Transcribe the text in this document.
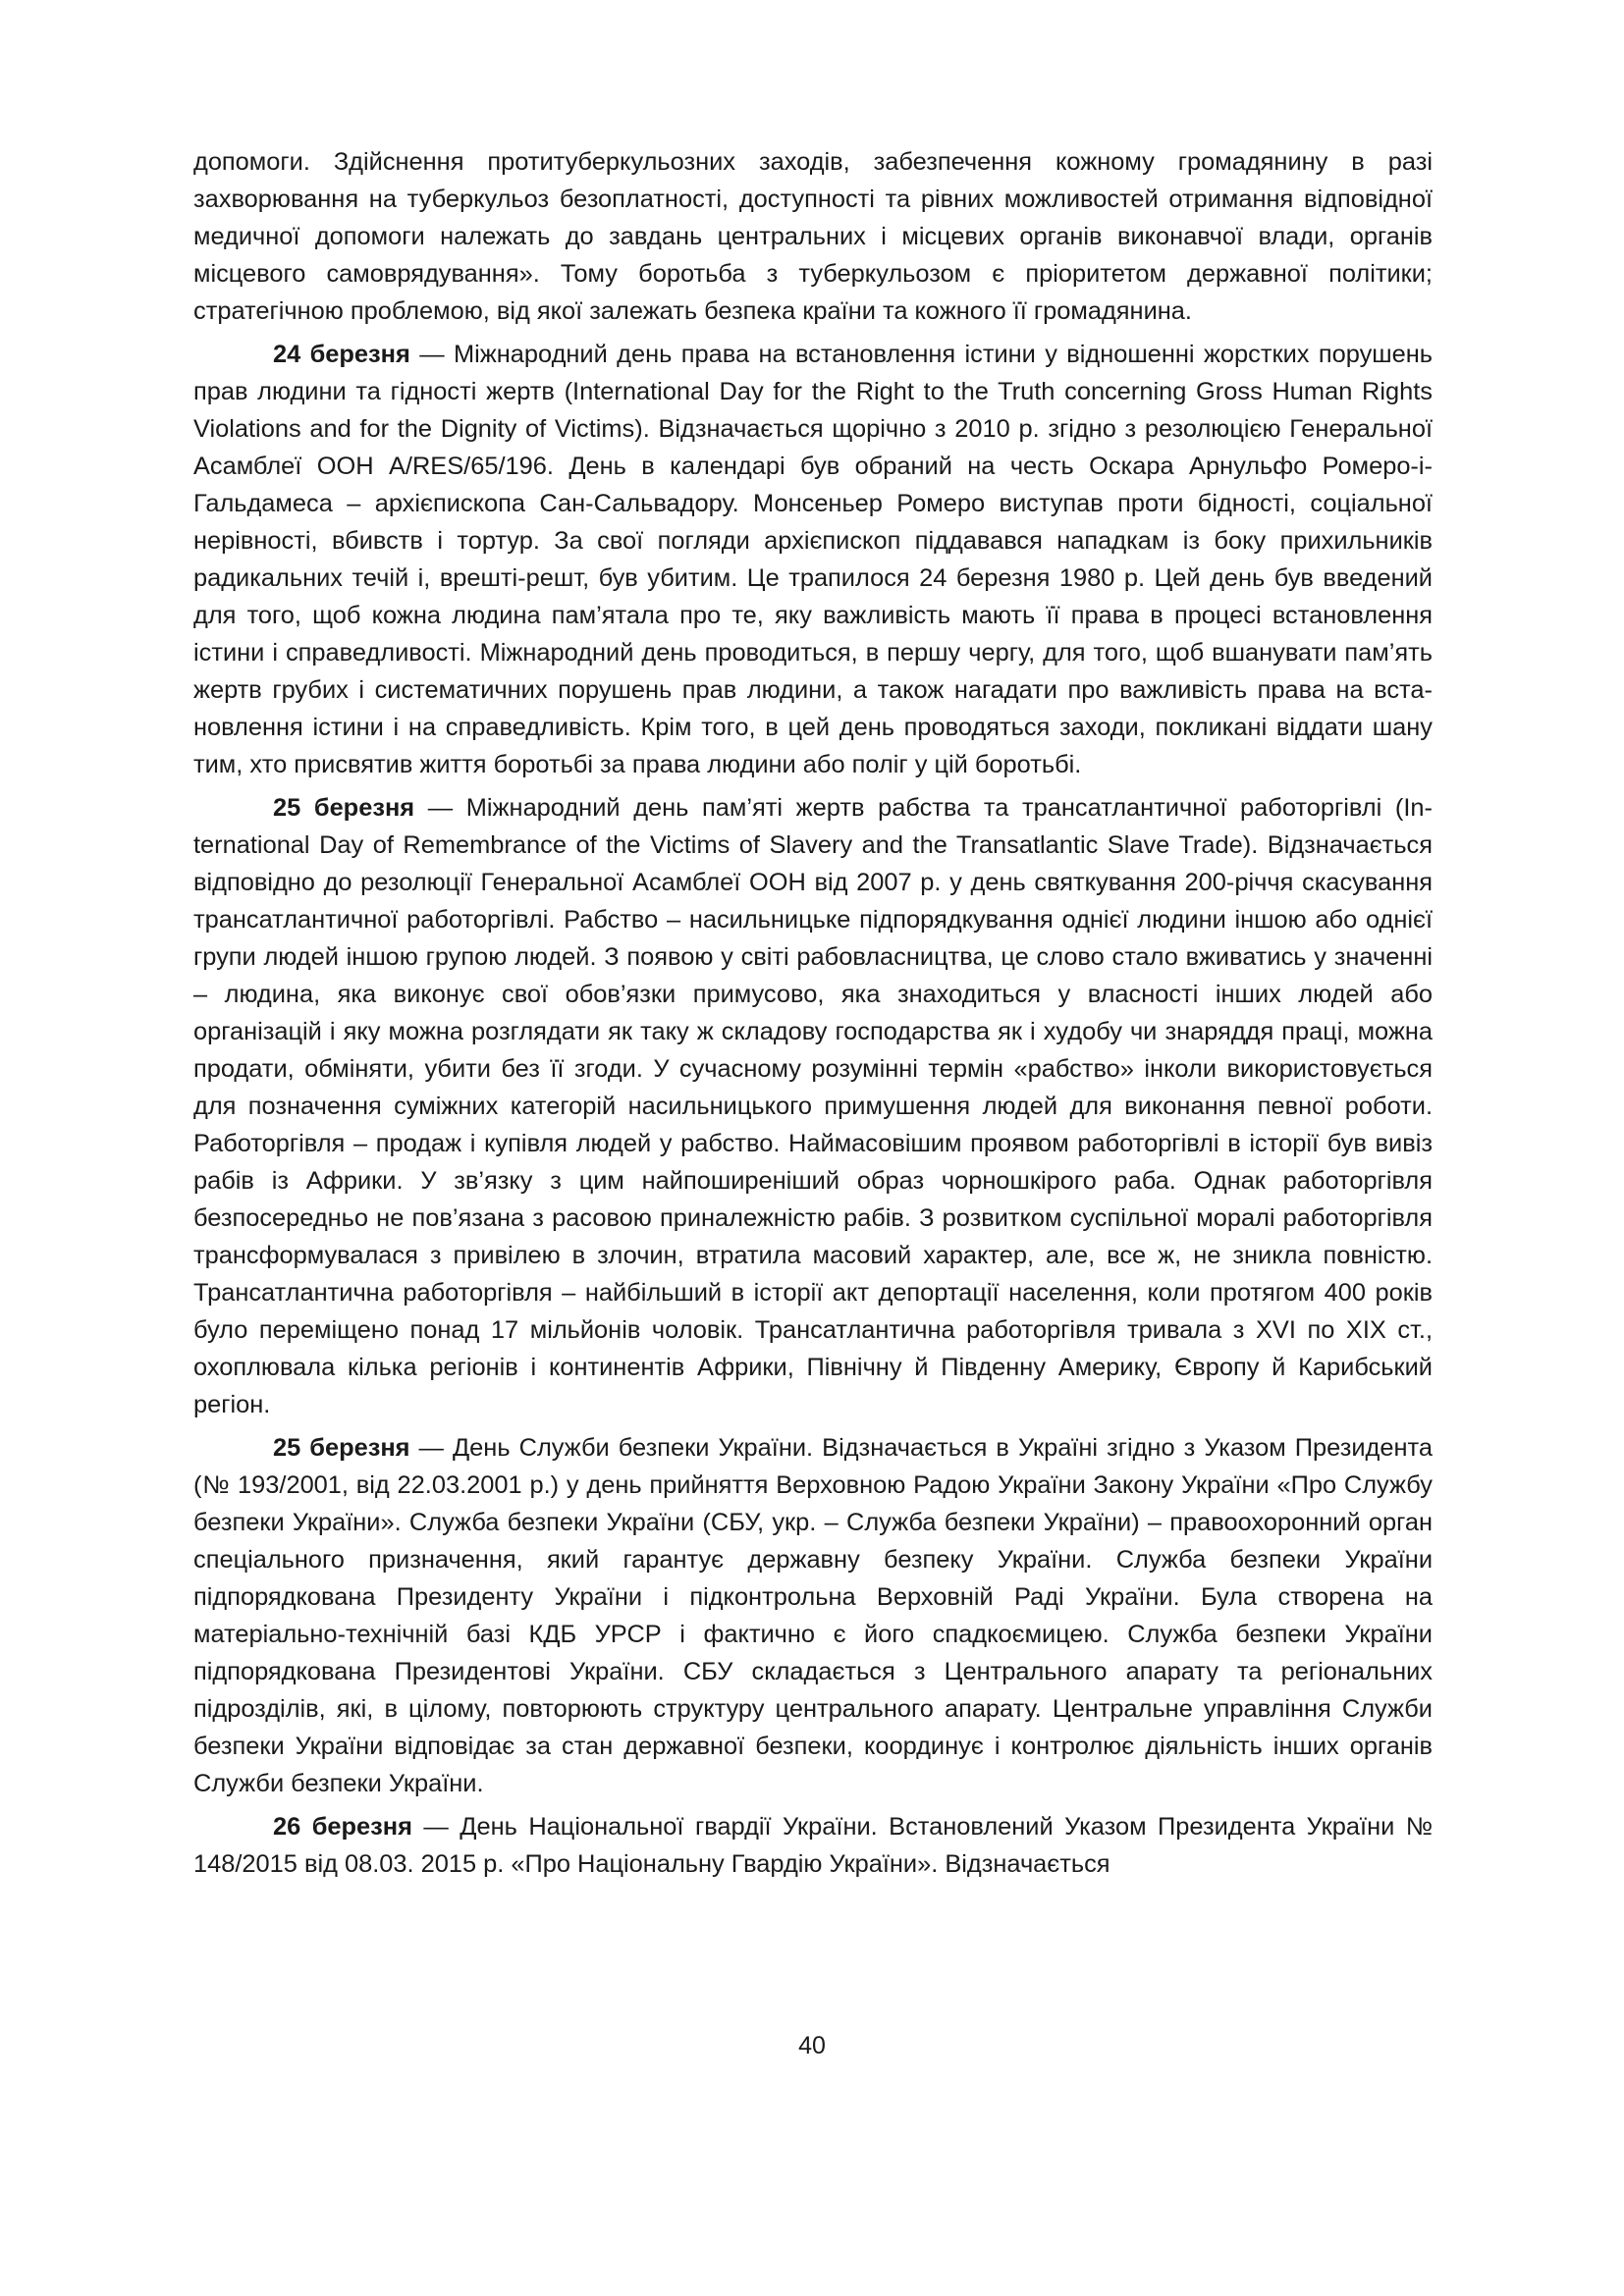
допомоги. Здійснення протитуберкульозних заходів, забезпечення кожному громадянину в разі захворювання на туберкульоз безоплатності, доступності та рівних можливостей отримання відповідної медичної допомоги належать до завдань центральних і місцевих органів виконавчої влади, органів місцевого самоврядування». Тому боротьба з туберкульозом є пріоритетом державної політики; стратегічною проблемою, від якої залежать безпека країни та кожного її громадянина.

24 березня — Міжнародний день права на встановлення істини у відношенні жорстких порушень прав людини та гідності жертв (International Day for the Right to the Truth concerning Gross Human Rights Violations and for the Dignity of Victims). Відзначається щорічно з 2010 р. згідно з резолюцією Генеральної Асамблеї ООН A/RES/65/196. День в календарі був обраний на честь Оскара Арнульфо Ромеро-і-Гальдамеса – архієпископа Сан-Сальвадору. Монсеньер Ромеро виступав проти бідності, соціальної нерівності, вбивств і тортур. За свої погляди архієпископ піддавався нападкам із боку прихильників радикальних течій і, врешті-решт, був убитим. Це трапилося 24 березня 1980 р. Цей день був введений для того, щоб кожна людина пам’ятала про те, яку важливість мають її права в процесі встановлення істини і справедливості. Міжнародний день проводиться, в першу чергу, для того, щоб вшанувати пам’ять жертв грубих і систематичних порушень прав людини, а також нагадати про важливість права на встановлення істини і на справедливість. Крім того, в цей день проводяться заходи, покликані віддати шану тим, хто присвятив життя боротьбі за права людини або поліг у цій боротьбі.

25 березня — Міжнародний день пам’яті жертв рабства та трансатлантичної работоргівлі (International Day of Remembrance of the Victims of Slavery and the Transatlantic Slave Trade). Відзначається відповідно до резолюції Генеральної Асамблеї ООН від 2007 р. у день святкування 200-річчя скасування трансатлантичної работоргівлі. Рабство – насильницьке підпорядкування однієї людини іншою або однієї групи людей іншою групою людей. З появою у світі рабовласництва, це слово стало вживатись у значенні – людина, яка виконує свої обов’язки примусово, яка знаходиться у власності інших людей або організацій і яку можна розглядати як таку ж складову господарства як і худобу чи знаряддя праці, можна продати, обміняти, убити без її згоди. У сучасному розумінні термін «рабство» інколи використовується для позначення суміжних категорій насильницького примушення людей для виконання певної роботи. Работоргівля – продаж і купівля людей у рабство. Наймасовішим проявом работоргівлі в історії був вивіз рабів із Африки. У зв’язку з цим найпоширеніший образ чорношкірого раба. Однак работоргівля безпосередньо не пов’язана з расовою приналежністю рабів. З розвитком суспільної моралі работоргівля трансформувалася з привілею в злочин, втратила масовий характер, але, все ж, не зникла повністю. Трансатлантична работоргівля – найбільший в історії акт депортації населення, коли протягом 400 років було переміщено понад 17 мільйонів чоловік. Трансатлантична работоргівля тривала з XVI по XIX ст., охоплювала кілька регіонів і континентів Африки, Північну й Південну Америку, Європу й Карибський регіон.

25 березня — День Служби безпеки України. Відзначається в Україні згідно з Указом Президента (№ 193/2001, від 22.03.2001 р.) у день прийняття Верховною Радою України Закону України «Про Службу безпеки України». Служба безпеки України (СБУ, укр. – Служба безпеки України) – правоохоронний орган спеціального призначення, який гарантує державну безпеку України. Служба безпеки України підпорядкована Президенту України і підконтрольна Верховній Раді України. Була створена на матеріально-технічній базі КДБ УРСР і фактично є його спадкоємицею. Служба безпеки України підпорядкована Президентові України. СБУ складається з Центрального апарату та регіональних підрозділів, які, в цілому, повторюють структуру центрального апарату. Центральне управління Служби безпеки України відповідає за стан державної безпеки, координує і контролює діяльність інших органів Служби безпеки України.

26 березня — День Національної гвардії України. Встановлений Указом Президента України № 148/2015 від 08.03. 2015 р. «Про Національну Гвардію України». Відзначається

40
